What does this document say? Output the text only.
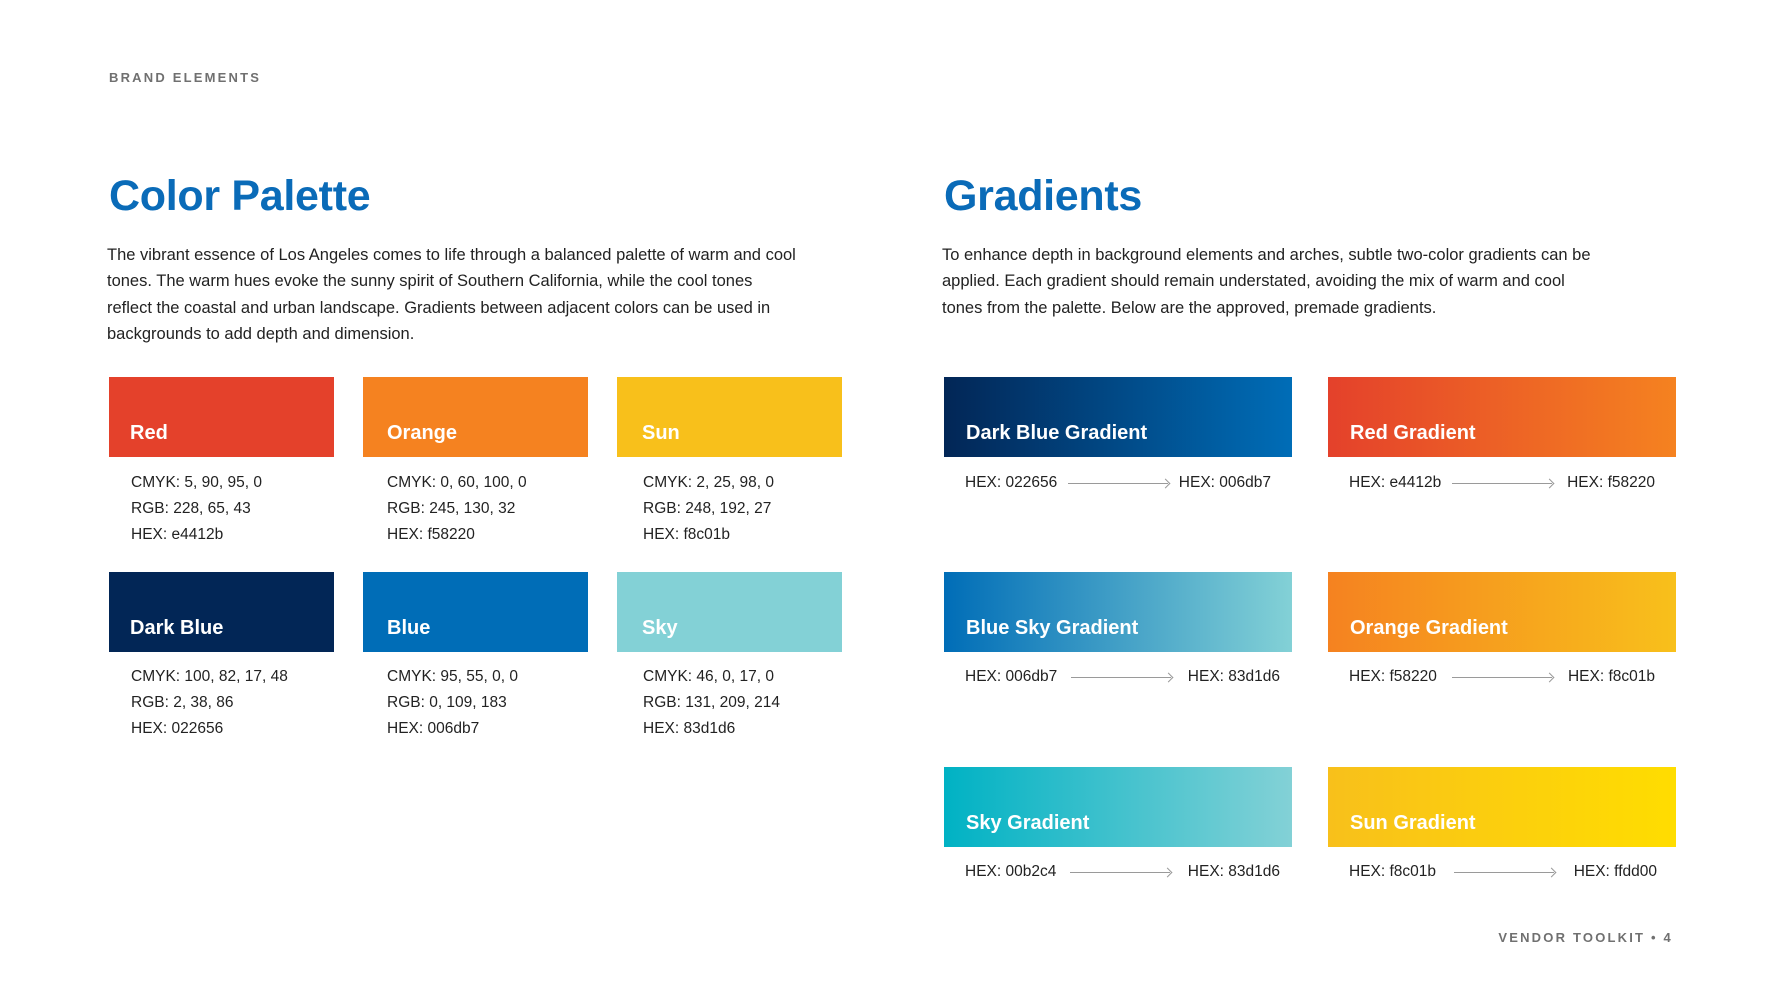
BRAND ELEMENTS
Color Palette

The vibrant essence of Los Angeles comes to life through a balanced palette of warm and cool tones. The warm hues evoke the sunny spirit of Southern California, while the cool tones reflect the coastal and urban landscape. Gradients between adjacent colors can be used in backgrounds to add depth and dimension.

Red
CMYK: 5, 90, 95, 0
RGB: 228, 65, 43
HEX: e4412b
Orange
CMYK: 0, 60, 100, 0
RGB: 245, 130, 32
HEX: f58220
Sun
CMYK: 2, 25, 98, 0
RGB: 248, 192, 27
HEX: f8c01b
Dark Blue
CMYK: 100, 82, 17, 48
RGB: 2, 38, 86
HEX: 022656
Blue
CMYK: 95, 55, 0, 0
RGB: 0, 109, 183
HEX: 006db7
Sky
CMYK: 46, 0, 17, 0
RGB: 131, 209, 214
HEX: 83d1d6
Gradients

To enhance depth in background elements and arches, subtle two-color gradients can be applied. Each gradient should remain understated, avoiding the mix of warm and cool tones from the palette. Below are the approved, premade gradients.

Dark Blue Gradient
HEX: 022656	HEX: 006db7
Red Gradient
HEX: e4412b	HEX: f58220
Blue Sky Gradient
HEX: 006db7	HEX: 83d1d6
Orange Gradient
HEX: f58220	HEX: f8c01b
Sky Gradient
HEX: 00b2c4	HEX: 83d1d6
Sun Gradient
HEX: f8c01b	HEX: ffdd00
VENDOR TOOLKIT • 4
